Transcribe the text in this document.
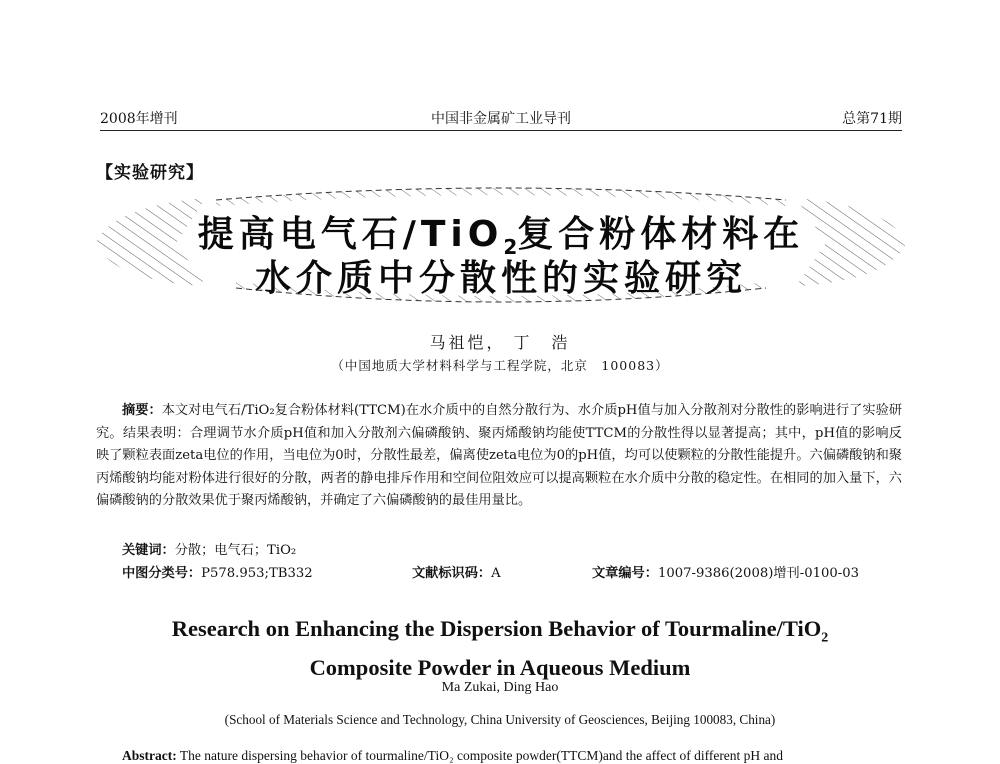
2008年增刊	中国非金属矿工业导刊	总第71期
【实验研究】
提高电气石/TiO$_2$复合粉体材料在
水介质中分散性的实验研究
马祖恺， 丁　浩
（中国地质大学材料科学与工程学院，北京　100083）
摘要：本文对电气石/TiO₂复合粉体材料(TTCM)在水介质中的自然分散行为、水介质pH值与加入分散剂对分散性的影响进行了实验研究。结果表明：合理调节水介质pH值和加入分散剂六偏磷酸钠、聚丙烯酸钠均能使TTCM的分散性得以显著提高；其中，pH值的影响反映了颗粒表面zeta电位的作用，当电位为0时，分散性最差，偏离使zeta电位为0的pH值，均可以使颗粒的分散性能提升。六偏磷酸钠和聚丙烯酸钠均能对粉体进行很好的分散，两者的静电排斥作用和空间位阻效应可以提高颗粒在水介质中分散的稳定性。在相同的加入量下，六偏磷酸钠的分散效果优于聚丙烯酸钠，并确定了六偏磷酸钠的最佳用量比。
关键词：分散；电气石；TiO₂
中图分类号：P578.953;TB332	文献标识码：A	文章编号：1007-9386(2008)增刊-0100-03
Research on Enhancing the Dispersion Behavior of Tourmaline/TiO$_2$
Composite Powder in Aqueous Medium
Ma Zukai, Ding Hao
(School of Materials Science and Technology, China University of Geosciences, Beijing 100083, China)
Abstract: The nature dispersing behavior of tourmaline/TiO₂ composite powder(TTCM)and the affect of different pH and
